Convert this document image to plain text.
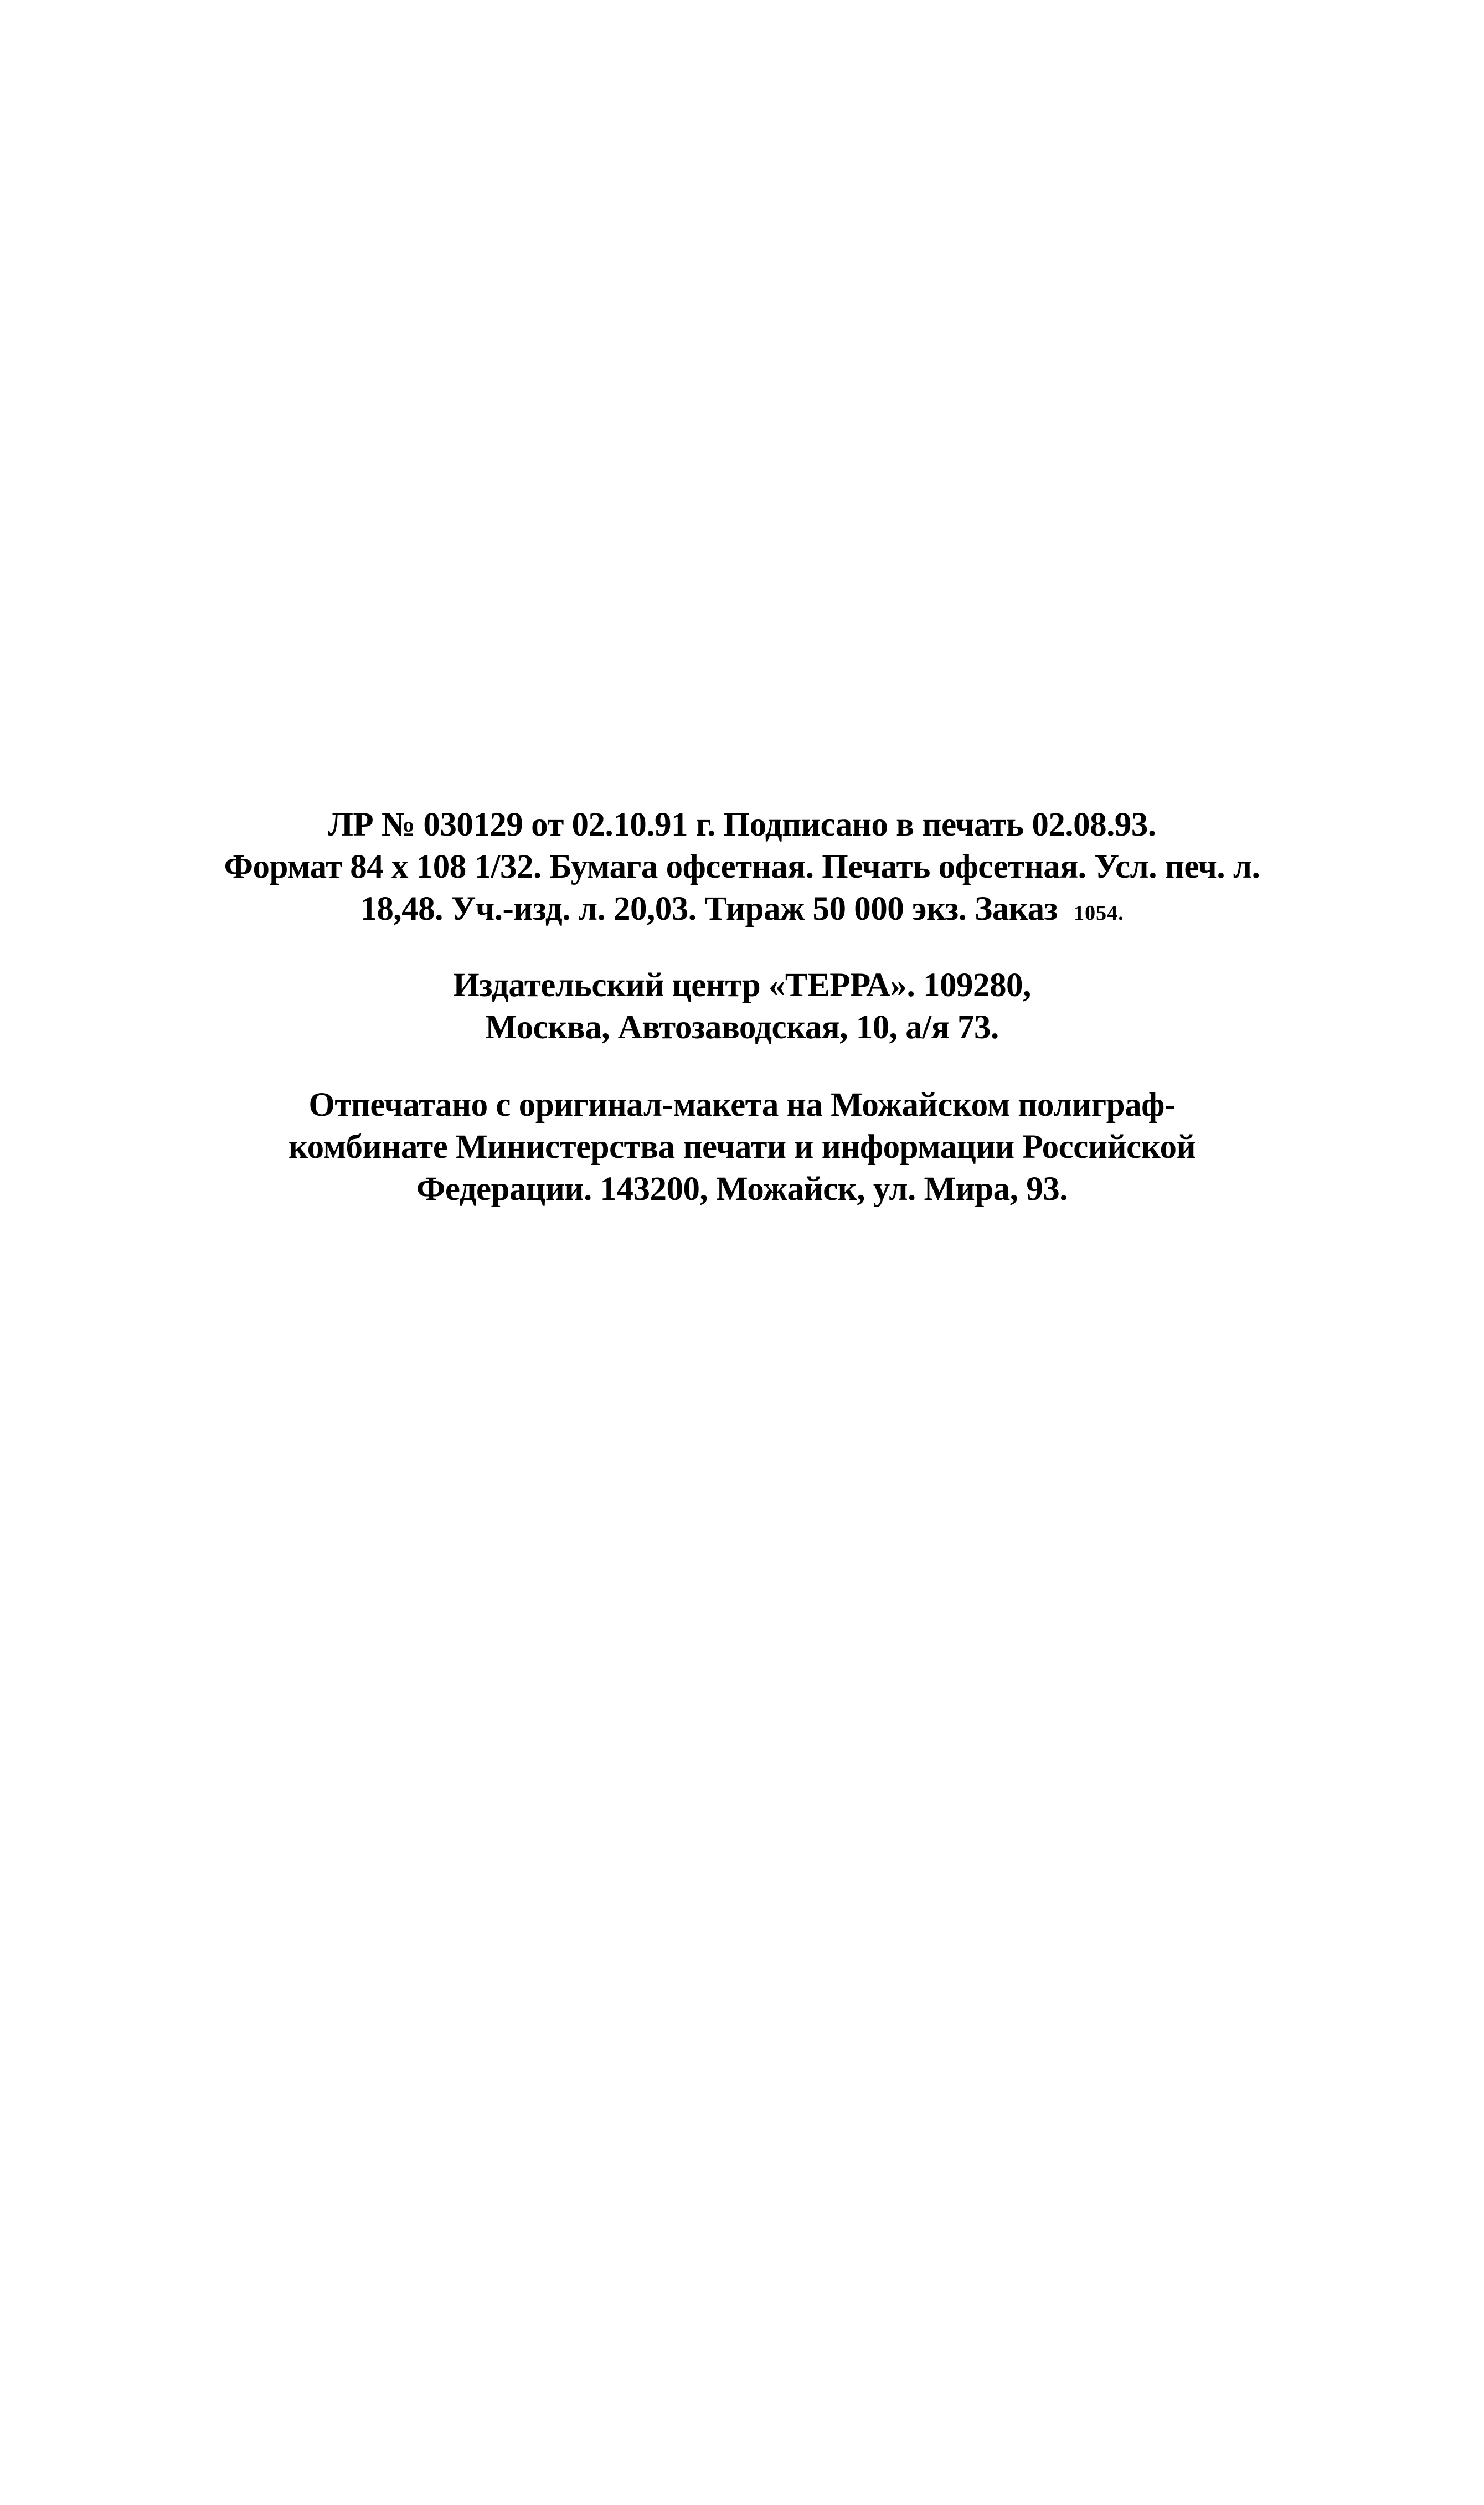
ЛР № 030129 от 02.10.91 г. Подписано в печать 02.08.93.
Формат 84 х 108 1/32. Бумага офсетная. Печать офсетная. Усл. печ. л.
18,48. Уч.-изд. л. 20,03. Тираж 50 000 экз. Заказ 1054.
Издательский центр «ТЕРРА». 109280,
Москва, Автозаводская, 10, а/я 73.
Отпечатано с оригинал-макета на Можайском полиграф-
комбинате Министерства печати и информации Российской
Федерации. 143200, Можайск, ул. Мира, 93.
